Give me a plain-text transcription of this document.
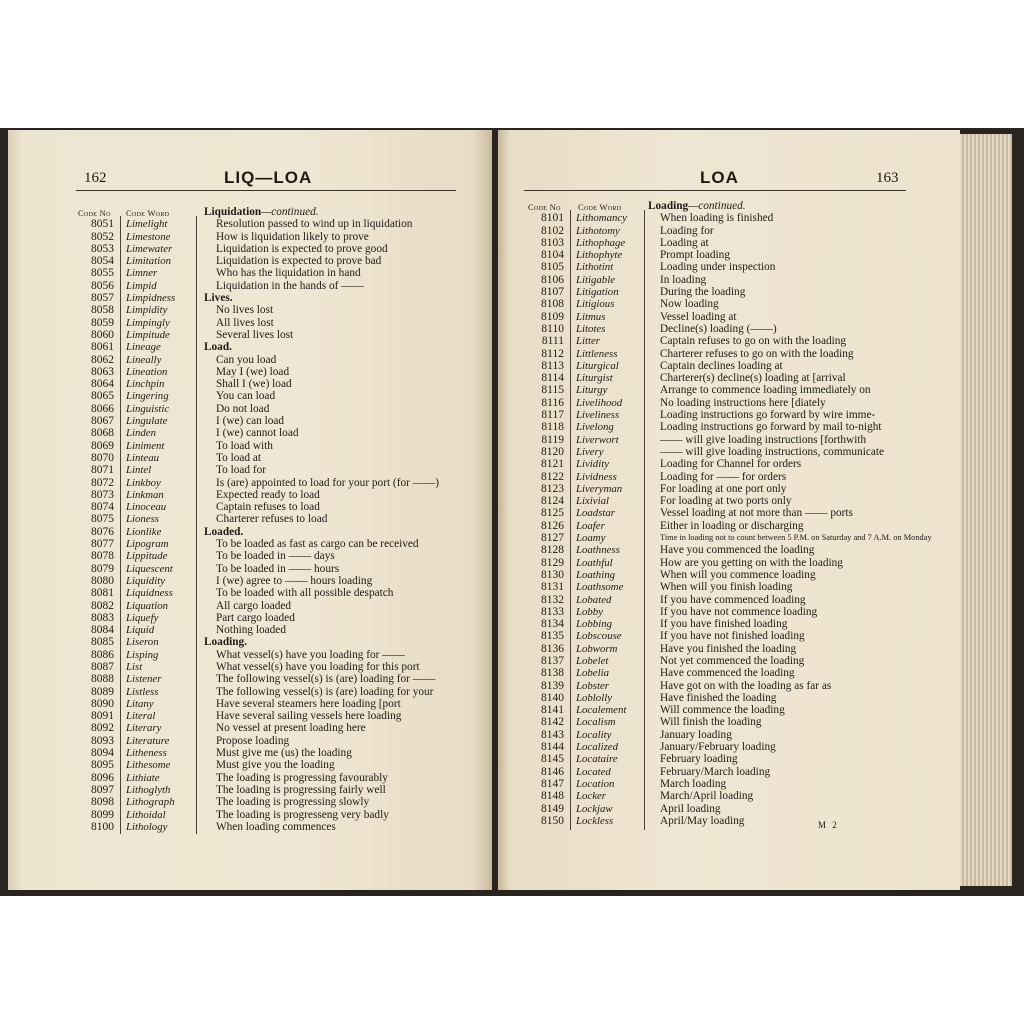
162	LIQ—LOA
Code No Code Word	Liquidation—continued.
8051 Limelight	Resolution passed to wind up in liquidation
8052 Limestone	How is liquidation likely to prove
8053 Limewater	Liquidation is expected to prove good
8054 Limitation	Liquidation is expected to prove bad
8055 Limner	Who has the liquidation in hand
8056 Limpid	Liquidation in the hands of ——
8057 Limpidness	Lives.
8058 Limpidity	No lives lost
8059 Limpingly	All lives lost
8060 Limpitude	Several lives lost
8061 Lineage	Load.
8062 Lineally	Can you load
8063 Lineation	May I (we) load
8064 Linchpin	Shall I (we) load
8065 Lingering	You can load
8066 Linguistic	Do not load
8067 Lingulate	I (we) can load
8068 Linden	I (we) cannot load
8069 Liniment	To load with
8070 Linteau	To load at
8071 Lintel	To load for
8072 Linkboy	Is (are) appointed to load for your port (for ——)
8073 Linkman	Expected ready to load
8074 Linoceau	Captain refuses to load
8075 Lioness	Charterer refuses to load
8076 Lionlike	Loaded.
8077 Lipogram	To be loaded as fast as cargo can be received
8078 Lippitude	To be loaded in —— days
8079 Liquescent	To be loaded in —— hours
8080 Liquidity	I (we) agree to —— hours loading
8081 Liquidness	To be loaded with all possible despatch
8082 Liquation	All cargo loaded
8083 Liquefy	Part cargo loaded
8084 Liquid	Nothing loaded
8085 Liseron	Loading.
8086 Lisping	What vessel(s) have you loading for ——
8087 List	What vessel(s) have you loading for this port
8088 Listener	The following vessel(s) is (are) loading for ——
8089 Listless	The following vessel(s) is (are) loading for your
8090 Litany	Have several steamers here loading [port
8091 Literal	Have several sailing vessels here loading
8092 Literary	No vessel at present loading here
8093 Literature	Propose loading
8094 Litheness	Must give me (us) the loading
8095 Lithesome	Must give you the loading
8096 Lithiate	The loading is progressing favourably
8097 Lithoglyth	The loading is progressing fairly well
8098 Lithograph	The loading is progressing slowly
8099 Lithoidal	The loading is progresseng very badly
8100 Lithology	When loading commences
LOA	163
Code No Code Word Loading—continued.
8101 Lithomancy	When loading is finished
8102 Lithotomy	Loading for
8103 Lithophage	Loading at
8104 Lithophyte	Prompt loading
8105 Lithotint	Loading under inspection
8106 Litigable	In loading
8107 Litigation	During the loading
8108 Litigious	Now loading
8109 Litmus	Vessel loading at
8110 Litotes	Decline(s) loading (——)
8111 Litter	Captain refuses to go on with the loading
8112 Littleness	Charterer refuses to go on with the loading
8113 Liturgical	Captain declines loading at
8114 Liturgist	Charterer(s) decline(s) loading at [arrival
8115 Liturgy	Arrange to commence loading immediately on
8116 Livelihood	No loading instructions here [diately
8117 Liveliness	Loading instructions go forward by wire imme-
8118 Livelong	Loading instructions go forward by mail to-night
8119 Liverwort	—— will give loading instructions [forthwith
8120 Livery	—— will give loading instructions, communicate
8121 Lividity	Loading for Channel for orders
8122 Lividness	Loading for —— for orders
8123 Liveryman	For loading at one port only
8124 Lixivial	For loading at two ports only
8125 Loadstar	Vessel loading at not more than —— ports
8126 Loafer	Either in loading or discharging
8127 Loamy	Time in loading not to count between 5 P.M. on Saturday and 7 A.M. on Monday
8128 Loathness	Have you commenced the loading
8129 Loathful	How are you getting on with the loading
8130 Loathing	When will you commence loading
8131 Loathsome	When will you finish loading
8132 Lobated	If you have commenced loading
8133 Lobby	If you have not commence loading
8134 Lobbing	If you have finished loading
8135 Lobscouse	If you have not finished loading
8136 Lobworm	Have you finished the loading
8137 Lobelet	Not yet commenced the loading
8138 Lobelia	Have commenced the loading
8139 Lobster	Have got on with the loading as far as
8140 Loblolly	Have finished the loading
8141 Localement	Will commence the loading
8142 Localism	Will finish the loading
8143 Locality	January loading
8144 Localized	January/February loading
8145 Locataire	February loading
8146 Located	February/March loading
8147 Location	March loading
8148 Locker	March/April loading
8149 Lockjaw	April loading
8150 Lockless	April/May loading	M 2
